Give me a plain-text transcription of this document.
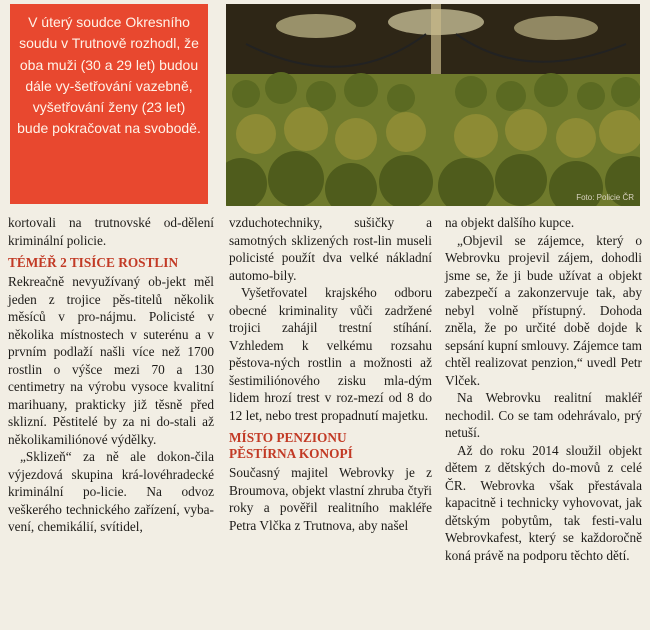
V úterý soudce Okresního soudu v Trutnově rozhodl, že oba muži (30 a 29 let) budou dále vy-šetřování vazebně, vyšetřování ženy (23 let) bude pokračovat na svobodě.
Foto: Policie ČR

kortovali na trutnovské od-dělení kriminální policie.

TÉMĚŘ 2 TISÍCE ROSTLIN

Rekreačně nevyužívaný ob-jekt měl jeden z trojice pěs-titelů několik měsíců v pro-nájmu. Policisté v několika místnostech v suterénu a v prvním podlaží našli více než 1700 rostlin o výšce mezi 70 a 130 centimetry na výrobu vysoce kvalitní marihuany, prakticky již těsně před sklizní. Pěstitelé by za ni do-stali až několikamiliónové výdělky.

„Sklizeň“ za ně ale dokon-čila výjezdová skupina krá-lovéhradecké kriminální po-licie. Na odvoz veškerého technického zařízení, vyba-vení, chemikálií, svítidel,

vzduchotechniky, sušičky a samotných sklizených rost-lin museli policisté použít dva velké nákladní automo-bily.

Vyšetřovatel krajského odboru obecné kriminality vůči zadržené trojici zahájil trestní stíhání. Vzhledem k velkému rozsahu pěstova-ných rostlin a možnosti až šestimiliónového zisku mla-dým lidem hrozí trest v roz-mezí od 8 do 12 let, nebo trest propadnutí majetku.

MÍSTO PENZIONU
PĚSTÍRNA KONOPÍ

Současný majitel Webrovky je z Broumova, objekt vlastní zhruba čtyři roky a pověřil realitního makléře Petra Vlčka z Trutnova, aby našel

na objekt dalšího kupce.

„Objevil se zájemce, který o Webrovku projevil zájem, dohodli jsme se, že ji bude užívat a objekt zabezpečí a zakonzervuje tak, aby nebyl volně přístupný. Dohoda zněla, že po určité době dojde k sepsání kupní smlouvy. Zájemce tam chtěl realizovat penzion,“ uvedl Petr Vlček.

Na Webrovku realitní makléř nechodil. Co se tam odehrávalo, prý netuší.

Až do roku 2014 sloužil objekt dětem z dětských do-movů z celé ČR. Webrovka však přestávala kapacitně i technicky vyhovovat, jak dětským pobytům, tak festi-valu Webrovkafest, který se každoročně koná právě na podporu těchto dětí.
